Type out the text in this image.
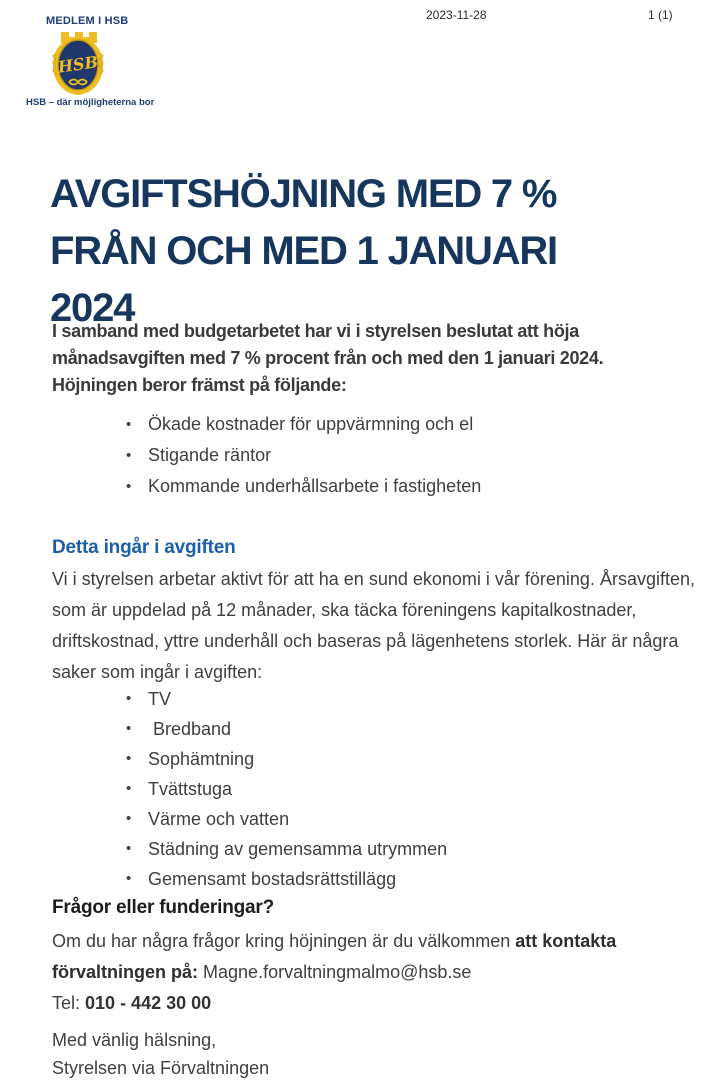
MEDLEM I HSB
HSB
HSB – där möjligheterna bor
2023-11-28	1 (1)
AVGIFTSHÖJNING MED 7 % FRÅN OCH MED 1 JANUARI 2024
I samband med budgetarbetet har vi i styrelsen beslutat att höja månadsavgiften med 7 % procent från och med den 1 januari 2024. Höjningen beror främst på följande:
• Ökade kostnader för uppvärmning och el
• Stigande räntor
• Kommande underhållsarbete i fastigheten
Detta ingår i avgiften
Vi i styrelsen arbetar aktivt för att ha en sund ekonomi i vår förening. Årsavgiften, som är uppdelad på 12 månader, ska täcka föreningens kapitalkostnader, driftskostnad, yttre underhåll och baseras på lägenhetens storlek. Här är några saker som ingår i avgiften:
• TV
• Bredband
• Sophämtning
• Tvättstuga
• Värme och vatten
• Städning av gemensamma utrymmen
• Gemensamt bostadsrättstillägg
Frågor eller funderingar?
Om du har några frågor kring höjningen är du välkommen att kontakta förvaltningen på: Magne.forvaltningmalmo@hsb.se
Tel: 010 - 442 30 00
Med vänlig hälsning,
Styrelsen via Förvaltningen
